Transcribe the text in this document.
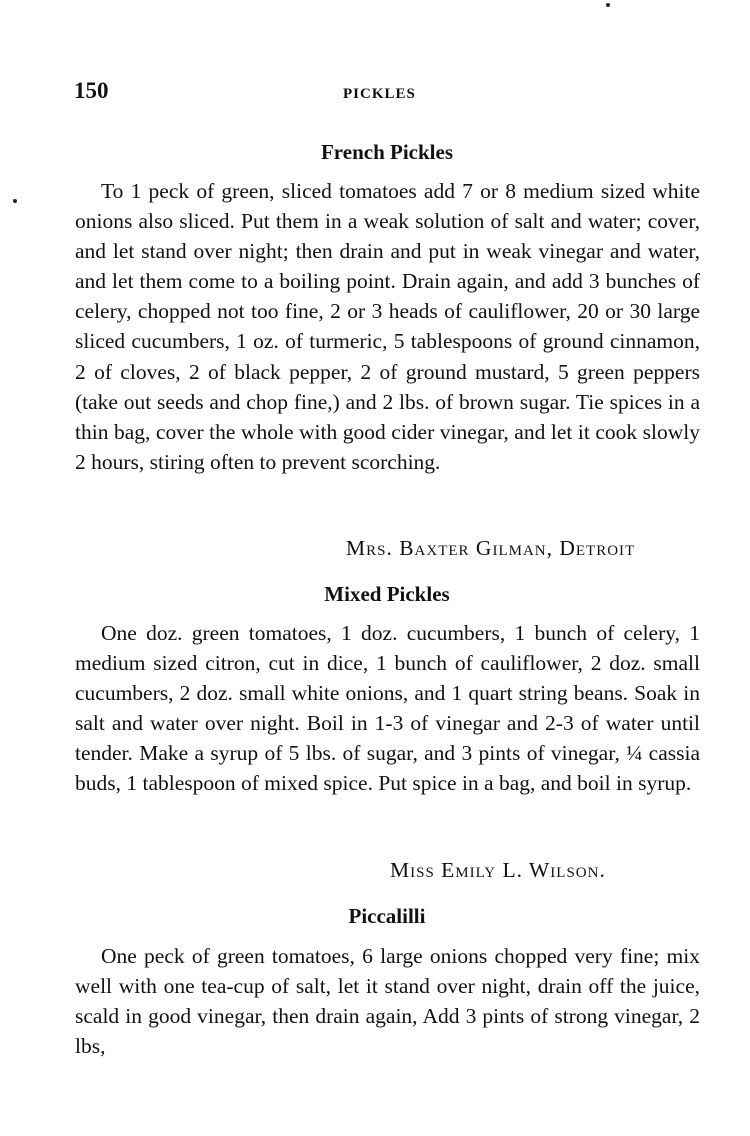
150	PICKLES
French Pickles

To 1 peck of green, sliced tomatoes add 7 or 8 medium sized white onions also sliced. Put them in a weak solution of salt and water; cover, and let stand over night; then drain and put in weak vinegar and water, and let them come to a boiling point. Drain again, and add 3 bunches of celery, chopped not too fine, 2 or 3 heads of cauliflower, 20 or 30 large sliced cucumbers, 1 oz. of turmeric, 5 tablespoons of ground cinnamon, 2 of cloves, 2 of black pepper, 2 of ground mustard, 5 green peppers (take out seeds and chop fine,) and 2 lbs. of brown sugar. Tie spices in a thin bag, cover the whole with good cider vinegar, and let it cook slowly 2 hours, stiring often to prevent scorching.

Mrs. Baxter Gilman, Detroit
Mixed Pickles

One doz. green tomatoes, 1 doz. cucumbers, 1 bunch of celery, 1 medium sized citron, cut in dice, 1 bunch of cauliflower, 2 doz. small cucumbers, 2 doz. small white onions, and 1 quart string beans. Soak in salt and water over night. Boil in 1-3 of vinegar and 2-3 of water until tender. Make a syrup of 5 lbs. of sugar, and 3 pints of vinegar, ¼ cassia buds, 1 tablespoon of mixed spice. Put spice in a bag, and boil in syrup.

Miss Emily L. Wilson.
Piccalilli

One peck of green tomatoes, 6 large onions chopped very fine; mix well with one tea-cup of salt, let it stand over night, drain off the juice, scald in good vinegar, then drain again, Add 3 pints of strong vinegar, 2 lbs,
